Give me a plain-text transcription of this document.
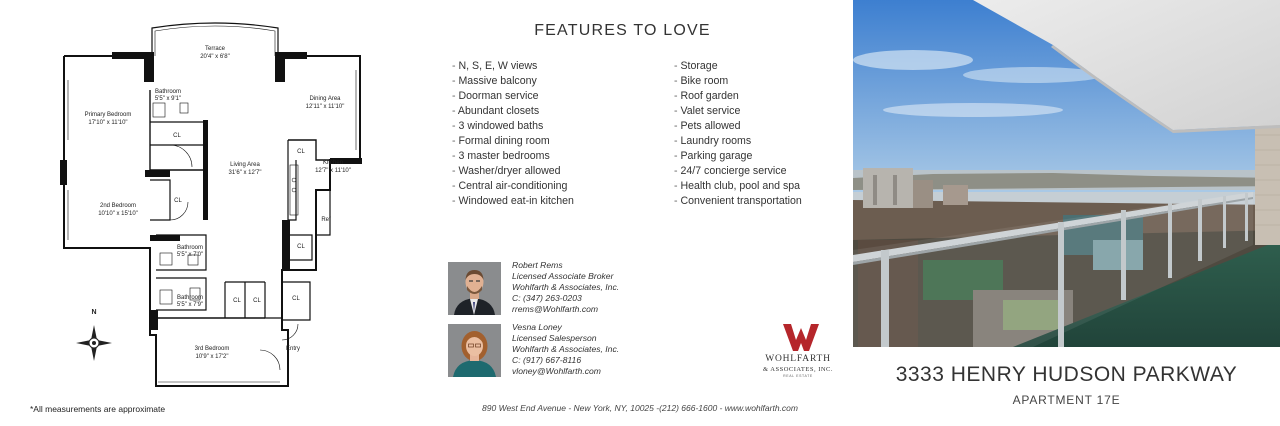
Terrace
20'4" x 6'8"
Primary Bedroom
17'10" x 11'10"
Bathroom
5'5" x 9'1"	Dining Area
12'11" x 11'10"
Living Area
31'6" x 12'7"
Kitchen
12'7" x 11'10"
2nd Bedroom
10'10" x 15'10"
Bathroom
5'5" x 7'0"
Bathroom
5'5" x 7'9"
3rd Bedroom
10'9" x 17'2"
CL
CL
CL
CL
CL CL	CL
Ref
Entry
N
*All measurements are approximate
FEATURES TO LOVE
- N, S, E, W views
- Massive balcony
- Doorman service
- Abundant closets
- 3 windowed baths
- Formal dining room
- 3 master bedrooms
- Washer/dryer allowed
- Central air-conditioning
- Windowed eat-in kitchen
- Storage
- Bike room
- Roof garden
- Valet service
- Pets allowed
- Laundry rooms
- Parking garage
- 24/7 concierge service
- Health club, pool and spa
- Convenient transportation
Robert Rems
Licensed Associate Broker
Wohlfarth & Associates, Inc.
C: (347) 263-0203
rrems@Wohlfarth.com
Vesna Loney
Licensed Salesperson
Wohlfarth & Associates, Inc.
C: (917) 667-8116
vloney@Wohlfarth.com
WOHLFARTH
& ASSOCIATES, INC.
REAL ESTATE
890 West End Avenue - New York, NY, 10025 -(212) 666-1600 - www.wohlfarth.com
3333 HENRY HUDSON PARKWAY
APARTMENT 17E
